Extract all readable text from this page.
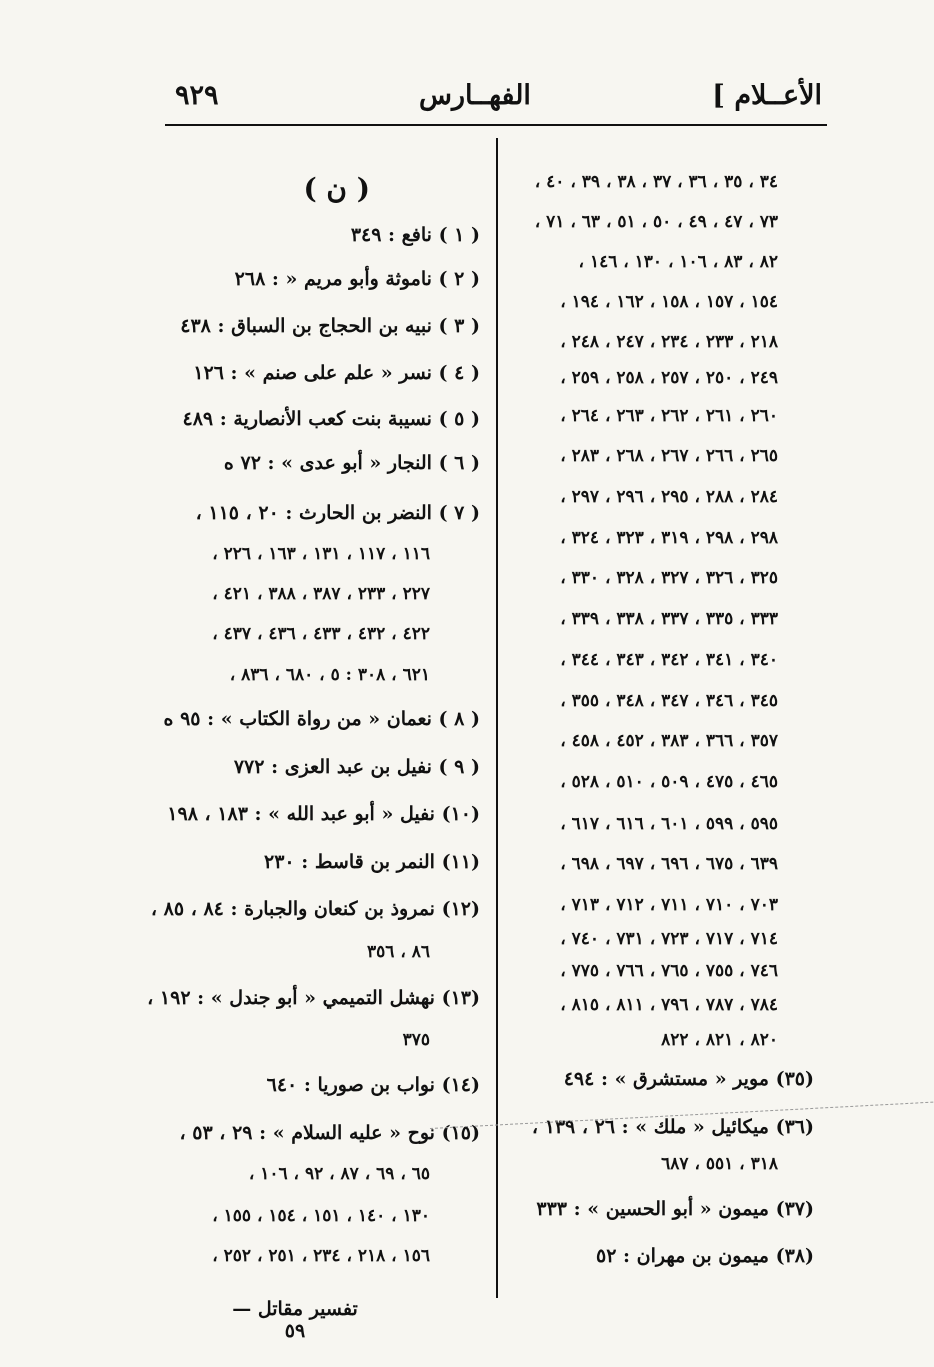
الأعــلام ]
الفهــارس
٩٢٩
( ن )
( ١ ) نافع : ٣٤٩
( ٢ ) ناموثة وأبو مريم « : ٢٦٨
( ٣ ) نبيه بن الحجاج بن السباق : ٤٣٨
( ٤ ) نسر « علم على صنم » : ١٢٦
( ٥ ) نسيبة بنت كعب الأنصارية : ٤٨٩
( ٦ ) النجار « أبو عدى » : ٧٢ ه
( ٧ ) النضر بن الحارث : ٢٠ ، ١١٥ ،
١١٦ ، ١١٧ ، ١٣١ ، ١٦٣ ، ٢٢٦ ،
٢٢٧ ، ٢٣٣ ، ٣٨٧ ، ٣٨٨ ، ٤٢١ ،
٤٢٢ ، ٤٣٢ ، ٤٣٣ ، ٤٣٦ ، ٤٣٧ ،
٦٢١ ، ٣٠٨ : ٥ ، ٦٨٠ ، ٨٣٦ ،
( ٨ ) نعمان « من رواة الكتاب » : ٩٥ ه
( ٩ ) نفيل بن عبد العزى : ٧٧٢
(١٠) نفيل « أبو عبد الله » : ١٨٣ ، ١٩٨
(١١) النمر بن قاسط : ٢٣٠
(١٢) نمروذ بن كنعان والجبارة : ٨٤ ، ٨٥ ،
٨٦ ، ٣٥٦
(١٣) نهشل التميمي « أبو جندل » : ١٩٢ ،
٣٧٥
(١٤) نواب بن صوريا : ٦٤٠
(١٥) نوح « عليه السلام » : ٢٩ ، ٥٣ ،
٦٥ ، ٦٩ ، ٨٧ ، ٩٢ ، ١٠٦ ،
١٣٠ ، ١٤٠ ، ١٥١ ، ١٥٤ ، ١٥٥ ،
١٥٦ ، ٢١٨ ، ٢٣٤ ، ٢٥١ ، ٢٥٢ ،
٣٤ ، ٣٥ ، ٣٦ ، ٣٧ ، ٣٨ ، ٣٩ ، ٤٠ ،
٧٣ ، ٤٧ ، ٤٩ ، ٥٠ ، ٥١ ، ٦٣ ، ٧١ ،
٨٢ ، ٨٣ ، ١٠٦ ، ١٣٠ ، ١٤٦ ،
١٥٤ ، ١٥٧ ، ١٥٨ ، ١٦٢ ، ١٩٤ ،
٢١٨ ، ٢٣٣ ، ٢٣٤ ، ٢٤٧ ، ٢٤٨ ،
٢٤٩ ، ٢٥٠ ، ٢٥٧ ، ٢٥٨ ، ٢٥٩ ،
٢٦٠ ، ٢٦١ ، ٢٦٢ ، ٢٦٣ ، ٢٦٤ ،
٢٦٥ ، ٢٦٦ ، ٢٦٧ ، ٢٦٨ ، ٢٨٣ ،
٢٨٤ ، ٢٨٨ ، ٢٩٥ ، ٢٩٦ ، ٢٩٧ ،
٢٩٨ ، ٢٩٨ ، ٣١٩ ، ٣٢٣ ، ٣٢٤ ،
٣٢٥ ، ٣٢٦ ، ٣٢٧ ، ٣٢٨ ، ٣٣٠ ،
٣٣٣ ، ٣٣٥ ، ٣٣٧ ، ٣٣٨ ، ٣٣٩ ،
٣٤٠ ، ٣٤١ ، ٣٤٢ ، ٣٤٣ ، ٣٤٤ ،
٣٤٥ ، ٣٤٦ ، ٣٤٧ ، ٣٤٨ ، ٣٥٥ ،
٣٥٧ ، ٣٦٦ ، ٣٨٣ ، ٤٥٢ ، ٤٥٨ ،
٤٦٥ ، ٤٧٥ ، ٥٠٩ ، ٥١٠ ، ٥٢٨ ،
٥٩٥ ، ٥٩٩ ، ٦٠١ ، ٦١٦ ، ٦١٧ ،
٦٣٩ ، ٦٧٥ ، ٦٩٦ ، ٦٩٧ ، ٦٩٨ ،
٧٠٣ ، ٧١٠ ، ٧١١ ، ٧١٢ ، ٧١٣ ،
٧١٤ ، ٧١٧ ، ٧٢٣ ، ٧٣١ ، ٧٤٠ ،
٧٤٦ ، ٧٥٥ ، ٧٦٥ ، ٧٦٦ ، ٧٧٥ ،
٧٨٤ ، ٧٨٧ ، ٧٩٦ ، ٨١١ ، ٨١٥ ،
٨٢٠ ، ٨٢١ ، ٨٢٢
(٣٥) موير « مستشرق » : ٤٩٤
(٣٦) ميكائيل « ملك » : ٢٦ ، ١٣٩ ،
٣١٨ ، ٥٥١ ، ٦٨٧
(٣٧) ميمون « أبو الحسين » : ٣٣٣
(٣٨) ميمون بن مهران : ٥٢
تفسير مقاتل — ٥٩
